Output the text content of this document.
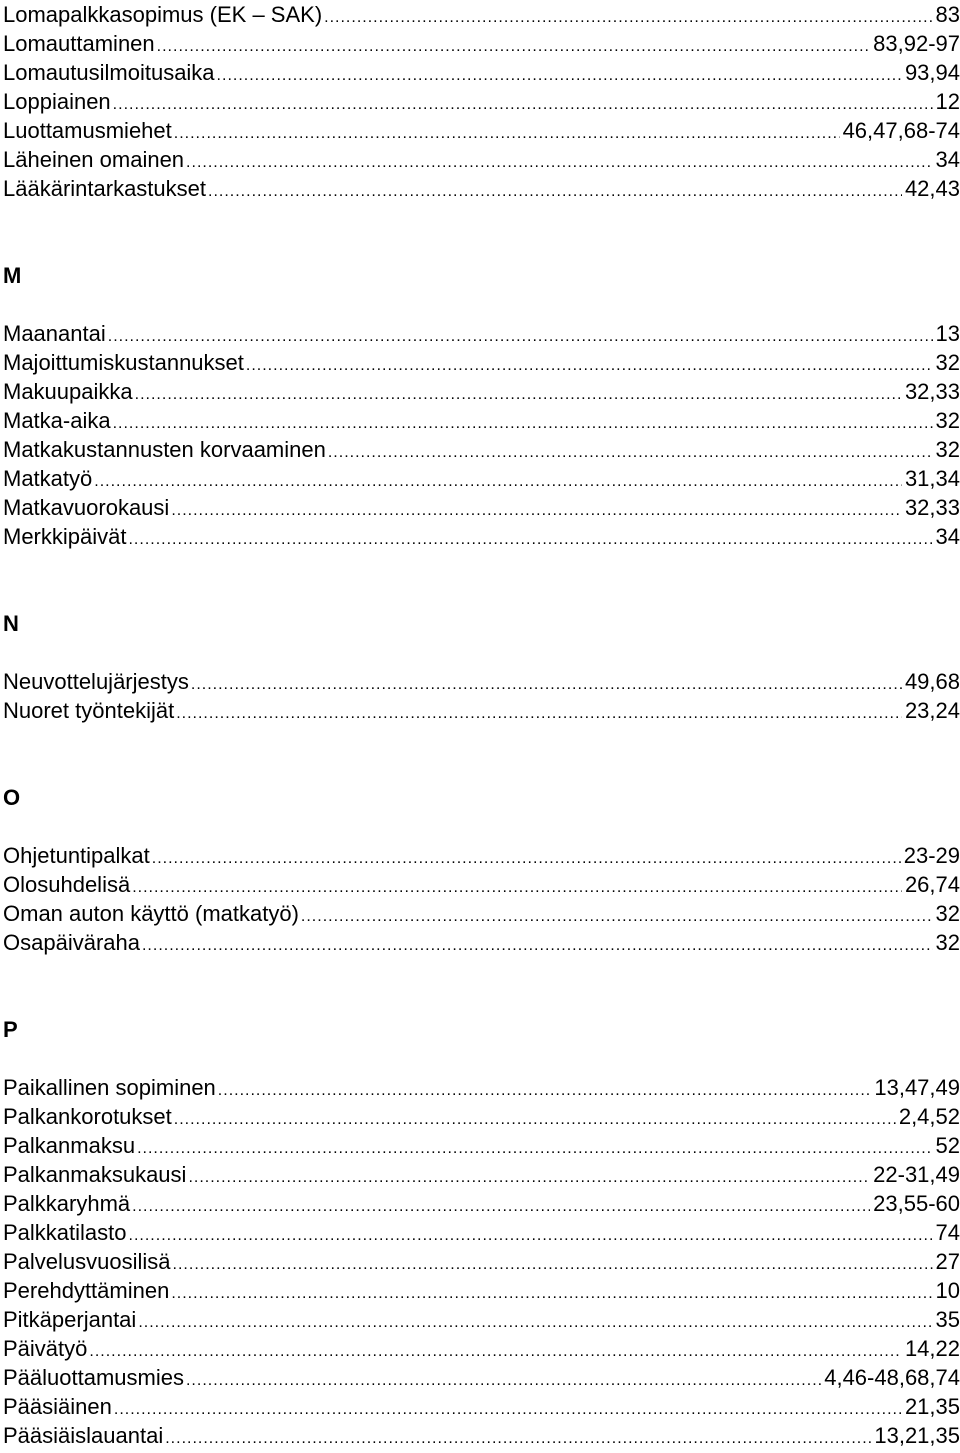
Lomapalkkasopimus (EK – SAK) .....	83
Lomauttaminen .....	83,92-97
Lomautusilmoitusaika .....	93,94
Loppiainen .....	12
Luottamusmiehet .....	46,47,68-74
Läheinen omainen .....	34
Lääkärintarkastukset .....	42,43
M
Maanantai .....	13
Majoittumiskustannukset .....	32
Makuupaikka .....	32,33
Matka-aika .....	32
Matkakustannusten korvaaminen .....	32
Matkatyö .....	31,34
Matkavuorokausi .....	32,33
Merkkipäivät .....	34
N
Neuvottelujärjestys .....	49,68
Nuoret työntekijät .....	23,24
O
Ohjetuntipalkat .....	23-29
Olosuhdelisä .....	26,74
Oman auton käyttö (matkatyö) .....	32
Osapäiväraha .....	32
P
Paikallinen sopiminen .....	13,47,49
Palkankorotukset .....	2,4,52
Palkanmaksu .....	52
Palkanmaksukausi .....	22-31,49
Palkkaryhmä .....	23,55-60
Palkkatilasto .....	74
Palvelusvuosilisä .....	27
Perehdyttäminen .....	10
Pitkäperjantai .....	35
Päivätyö .....	14,22
Pääluottamusmies .....	4,46-48,68,74
Pääsiäinen .....	21,35
Pääsiäislauantai .....	13,21,35
